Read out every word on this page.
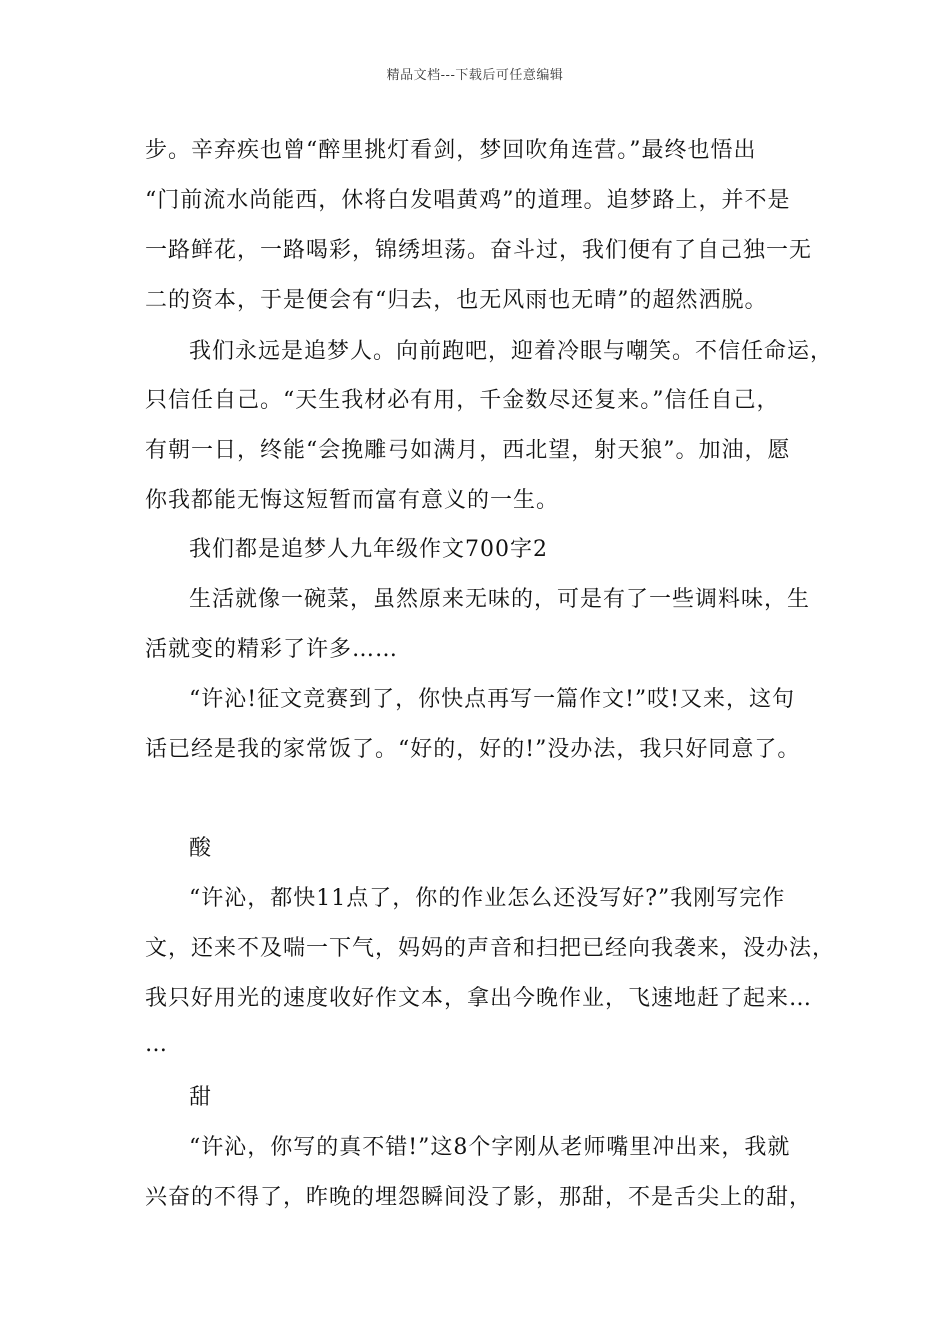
精品文档---下载后可任意编辑
步。辛弃疾也曾“醉里挑灯看剑，梦回吹角连营。”最终也悟出
“门前流水尚能西，休将白发唱黄鸡”的道理。追梦路上，并不是
一路鲜花，一路喝彩，锦绣坦荡。奋斗过，我们便有了自己独一无
二的资本，于是便会有“归去，也无风雨也无晴”的超然洒脱。
我们永远是追梦人。向前跑吧，迎着冷眼与嘲笑。不信任命运，
只信任自己。“天生我材必有用，千金数尽还复来。”信任自己，
有朝一日，终能“会挽雕弓如满月，西北望，射天狼”。加油，愿
你我都能无悔这短暂而富有意义的一生。
我们都是追梦人九年级作文700字2
生活就像一碗菜，虽然原来无味的，可是有了一些调料味，生
活就变的精彩了许多……
“许沁!征文竞赛到了，你快点再写一篇作文!”哎!又来，这句
话已经是我的家常饭了。“好的，好的!”没办法，我只好同意了。
酸
“许沁，都快11点了，你的作业怎么还没写好?”我刚写完作
文，还来不及喘一下气，妈妈的声音和扫把已经向我袭来，没办法，
我只好用光的速度收好作文本，拿出今晚作业，飞速地赶了起来…
…
甜
“许沁，你写的真不错!”这8个字刚从老师嘴里冲出来，我就
兴奋的不得了，昨晚的埋怨瞬间没了影，那甜，不是舌尖上的甜，
